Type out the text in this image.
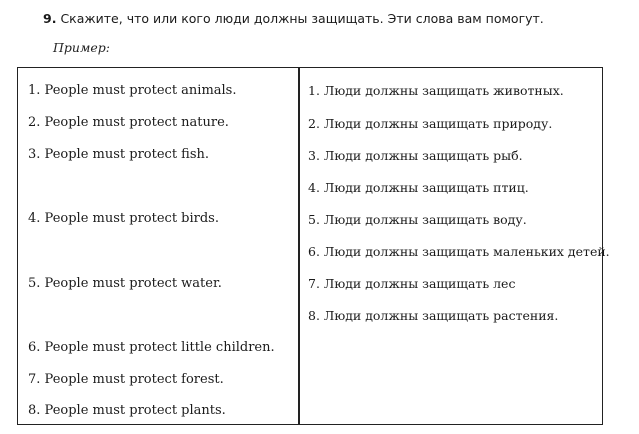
9. Скажите, что или кого люди должны защищать. Эти слова вам помогут.
Пример:
1. People must protect animals.
2. People must protect nature.
3. People must protect fish.
4. People must protect birds.
5. People must protect water.
6. People must protect little children.
7. People must protect forest.
8. People must protect plants.
1. Люди должны защищать животных.
2. Люди должны защищать природу.
3. Люди должны защищать рыб.
4. Люди должны защищать птиц.
5. Люди должны защищать воду.
6. Люди должны защищать маленьких детей.
7. Люди должны защищать лес
8. Люди должны защищать растения.
